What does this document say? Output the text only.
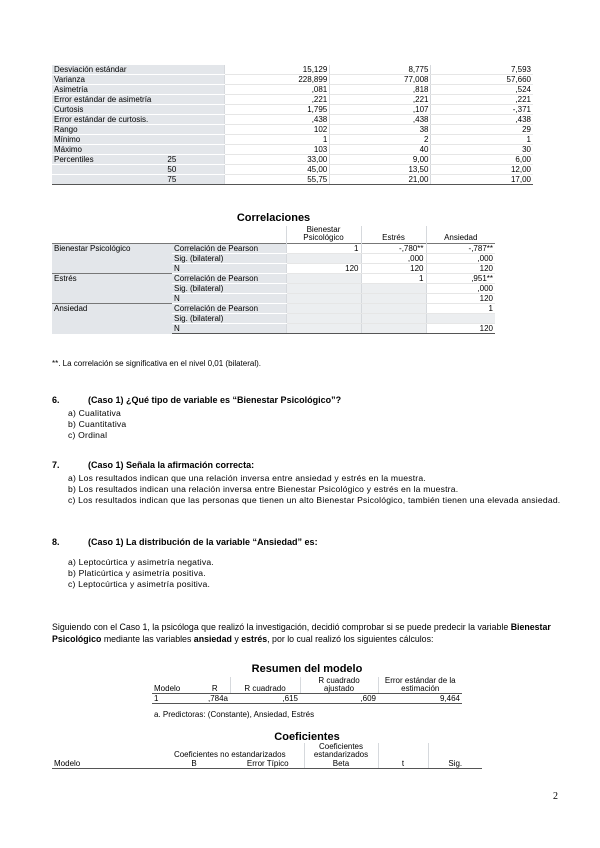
Desviación estándar		15,129	8,775	7,593
Varianza		228,899	77,008	57,660
Asimetría		,081	,818	,524
Error estándar de asimetría		,221	,221	,221
Curtosis		1,795	,107	-,371
Error estándar de curtosis.		,438	,438	,438
Rango		102	38	29
Mínimo		1	2	1
Máximo		103	40	30
Percentiles	25	33,00	9,00	6,00
	50	45,00	13,50	12,00
	75	55,75	21,00	17,00
Correlaciones
		Bienestar Psicológico	Estrés	Ansiedad
Bienestar Psicológico	Correlación de Pearson	1	-,780**	-,787**
	Sig. (bilateral)		,000	,000
	N	120	120	120
Estrés	Correlación de Pearson		1	,951**
	Sig. (bilateral)			,000
	N			120
Ansiedad	Correlación de Pearson			1
	Sig. (bilateral)			
	N			120
**. La correlación se significativa en el nivel 0,01 (bilateral).
6.	(Caso 1) ¿Qué tipo de variable es “Bienestar Psicológico”?
a) Cualitativa
b) Cuantitativa
c) Ordinal
7.	(Caso 1) Señala la afirmación correcta:
a) Los resultados indican que una relación inversa entre ansiedad y estrés en la muestra.
b) Los resultados indican una relación inversa entre Bienestar Psicológico y estrés en la muestra.
c) Los resultados indican que las personas que tienen un alto Bienestar Psicológico, también tienen una elevada ansiedad.
8.	(Caso 1) La distribución de la variable “Ansiedad” es:
a) Leptocúrtica y asimetría negativa.
b) Platicúrtica y asimetría positiva.
c) Leptocúrtica y asimetría positiva.
Siguiendo con el Caso 1, la psicóloga que realizó la investigación, decidió comprobar si se puede predecir la variable Bienestar Psicológico mediante las variables ansiedad y estrés, por lo cual realizó los siguientes cálculos:
Resumen del modelo
Modelo	R	R cuadrado	R cuadrado ajustado	Error estándar de la estimación
1	,784a	,615	,609	9,464
a. Predictoras: (Constante), Ansiedad, Estrés
Coeficientes
	Coeficientes no estandarizados		Coeficientes estandarizados		
Modelo	B	Error Típico	Beta	t	Sig.
2
